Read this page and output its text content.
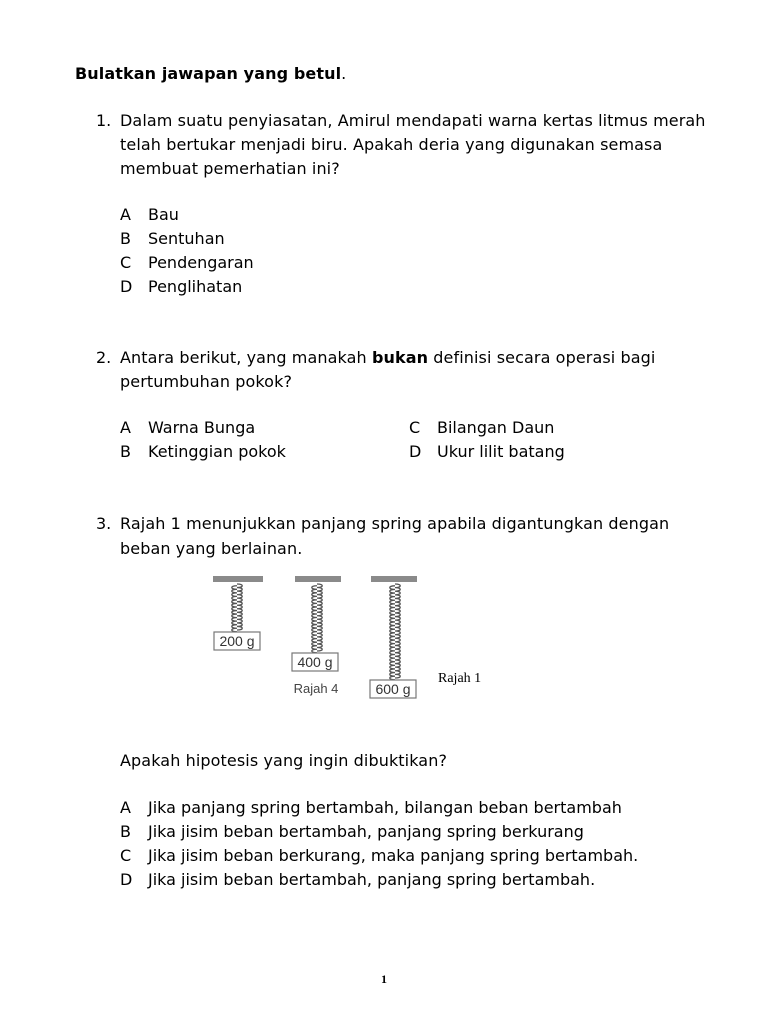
Bulatkan jawapan yang betul.
1. Dalam suatu penyiasatan, Amirul mendapati warna kertas litmus merah
telah bertukar menjadi biru. Apakah deria yang digunakan semasa
membuat pemerhatian ini?
A Bau
B Sentuhan
C Pendengaran
D Penglihatan
2. Antara berikut, yang manakah bukan definisi secara operasi bagi
pertumbuhan pokok?
A Warna Bunga
B Ketinggian pokok
C Bilangan Daun
D Ukur lilit batang
3. Rajah 1 menunjukkan panjang spring apabila digantungkan dengan
beban yang berlainan.
200 g
400 g
600 g
Rajah 4
Rajah 1
Apakah hipotesis yang ingin dibuktikan?
A Jika panjang spring bertambah, bilangan beban bertambah
B Jika jisim beban bertambah, panjang spring berkurang
C Jika jisim beban berkurang, maka panjang spring bertambah.
D Jika jisim beban bertambah, panjang spring bertambah.
1
